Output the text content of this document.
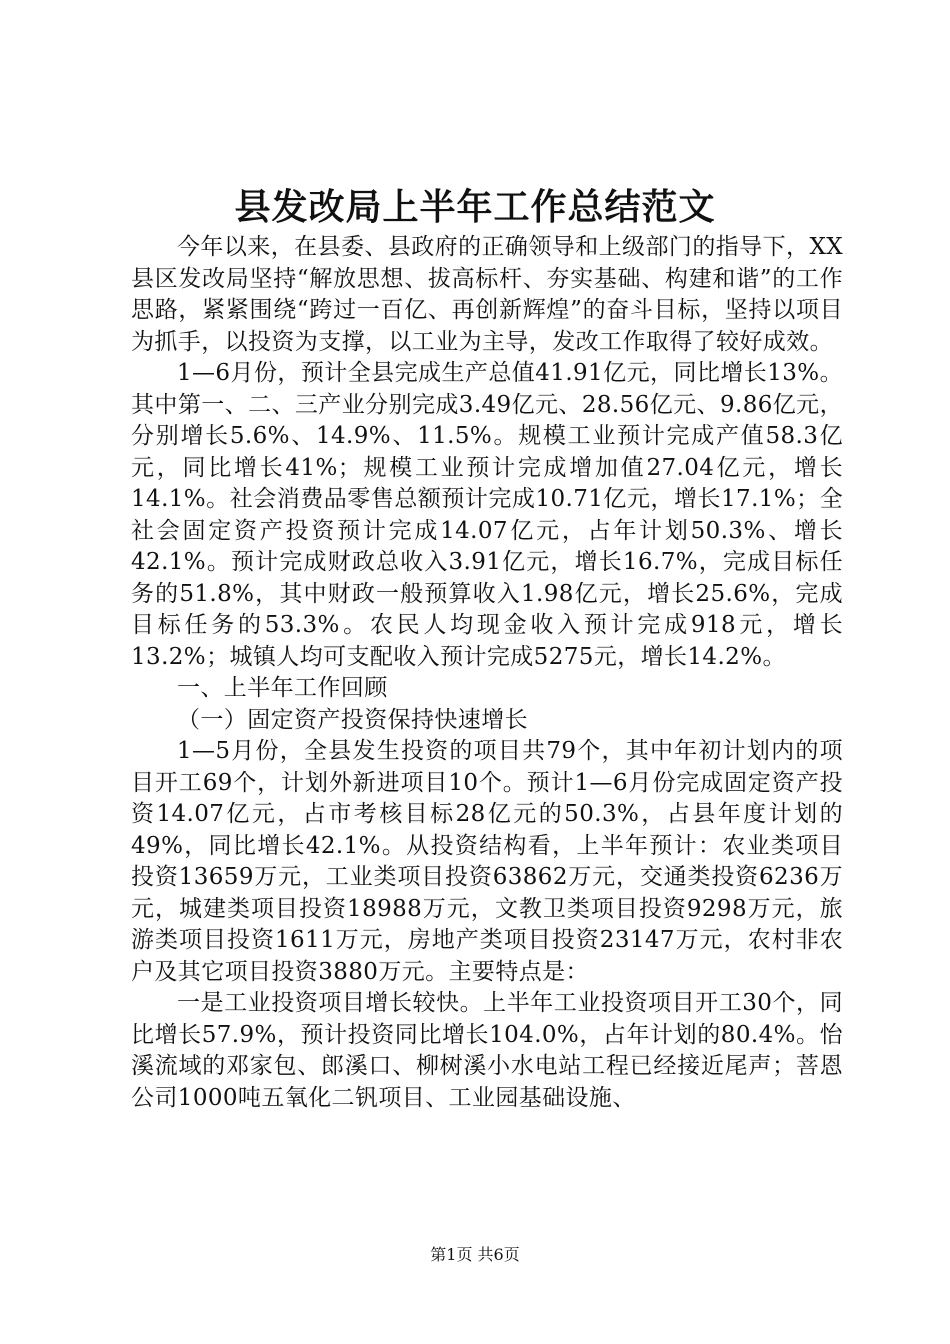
县发改局上半年工作总结范文

今年以来，在县委、县政府的正确领导和上级部门的指导下，XX县区发改局坚持“解放思想、拔高标杆、夯实基础、构建和谐”的工作思路，紧紧围绕“跨过一百亿、再创新辉煌”的奋斗目标，坚持以项目为抓手，以投资为支撑，以工业为主导，发改工作取得了较好成效。

1—6月份，预计全县完成生产总值41.91亿元，同比增长13%。其中第一、二、三产业分别完成3.49亿元、28.56亿元、9.86亿元，分别增长5.6%、14.9%、11.5%。规模工业预计完成产值58.3亿元，同比增长41%；规模工业预计完成增加值27.04亿元，增长14.1%。社会消费品零售总额预计完成10.71亿元，增长17.1%；全社会固定资产投资预计完成14.07亿元，占年计划50.3%、增长42.1%。预计完成财政总收入3.91亿元，增长16.7%，完成目标任务的51.8%，其中财政一般预算收入1.98亿元，增长25.6%，完成目标任务的53.3%。农民人均现金收入预计完成918元，增长13.2%；城镇人均可支配收入预计完成5275元，增长14.2%。

一、上半年工作回顾

（一）固定资产投资保持快速增长

1—5月份，全县发生投资的项目共79个，其中年初计划内的项目开工69个，计划外新进项目10个。预计1—6月份完成固定资产投资14.07亿元，占市考核目标28亿元的50.3%，占县年度计划的49%，同比增长42.1%。从投资结构看，上半年预计：农业类项目投资13659万元，工业类项目投资63862万元，交通类投资6236万元，城建类项目投资18988万元，文教卫类项目投资9298万元，旅游类项目投资1611万元，房地产类项目投资23147万元，农村非农户及其它项目投资3880万元。主要特点是：

一是工业投资项目增长较快。上半年工业投资项目开工30个，同比增长57.9%，预计投资同比增长104.0%，占年计划的80.4%。怡溪流域的邓家包、郎溪口、柳树溪小水电站工程已经接近尾声；菩恩公司1000吨五氧化二钒项目、工业园基础设施、

第1页 共6页
